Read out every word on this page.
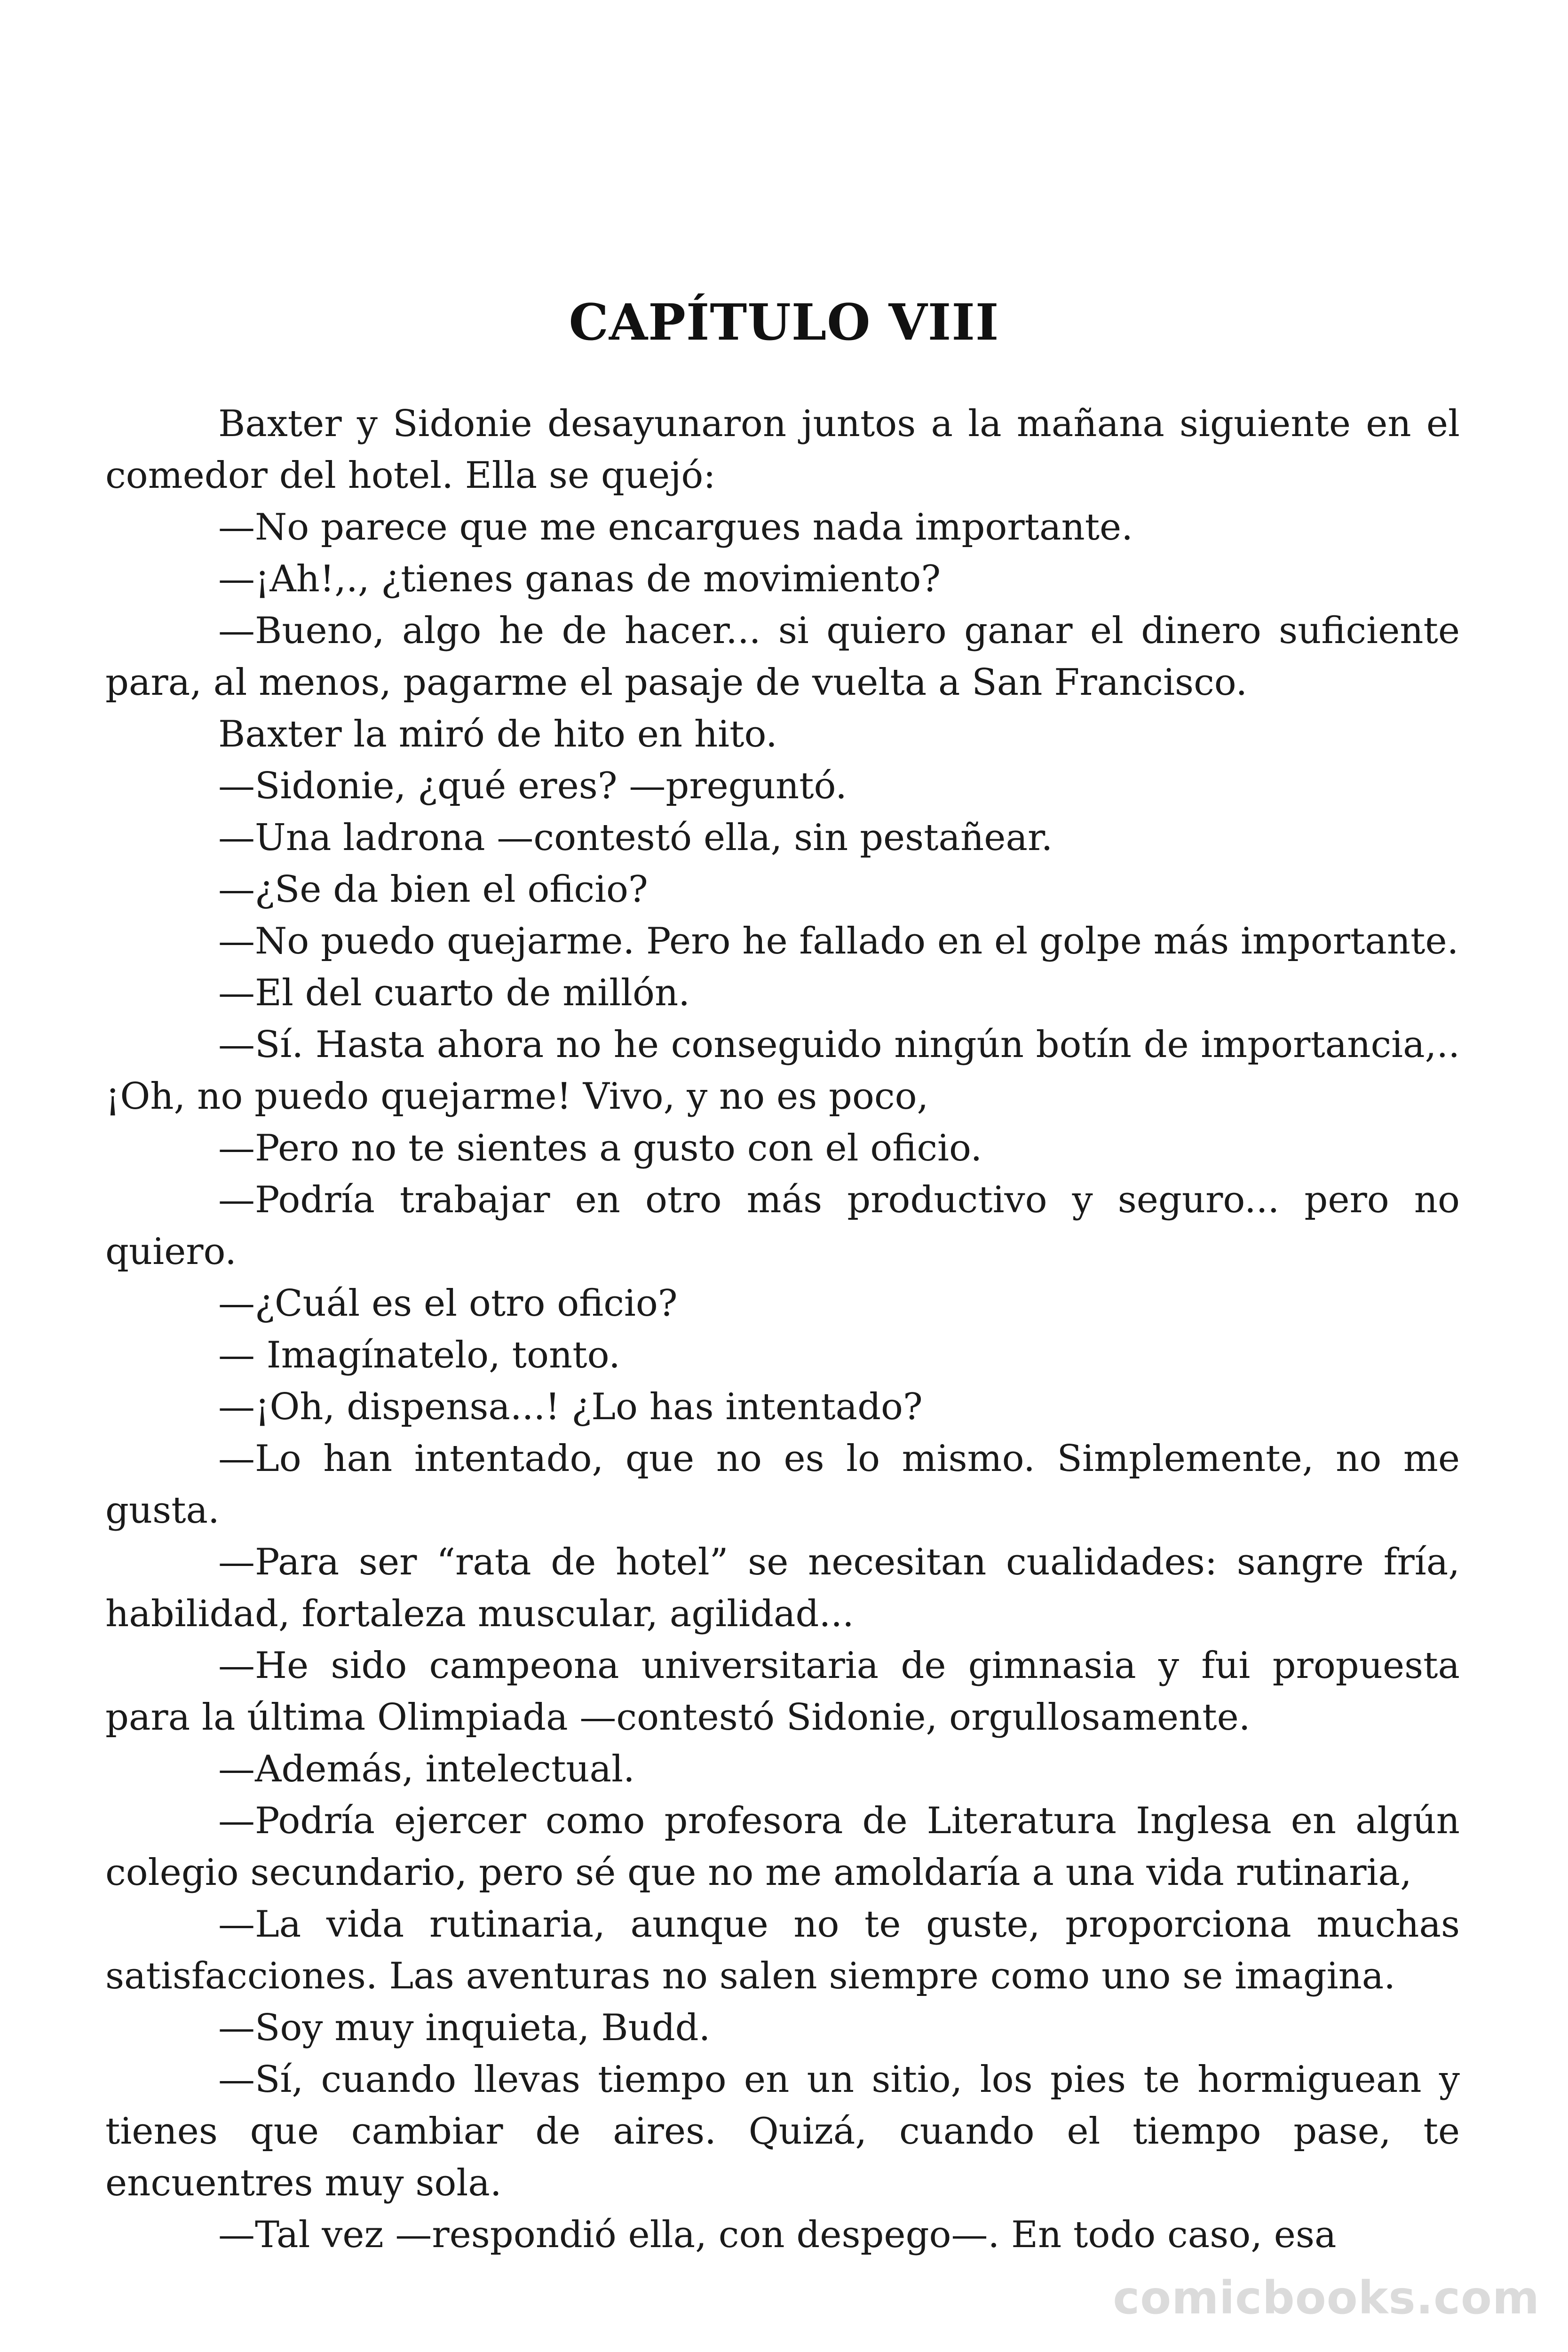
CAPÍTULO VIII

Baxter y Sidonie desayunaron juntos a la mañana siguiente en el comedor del hotel. Ella se quejó:

—No parece que me encargues nada importante.

—¡Ah!,., ¿tienes ganas de movimiento?

—Bueno, algo he de hacer... si quiero ganar el dinero suficiente para, al menos, pagarme el pasaje de vuelta a San Francisco.

Baxter la miró de hito en hito.

—Sidonie, ¿qué eres? —preguntó.

—Una ladrona —contestó ella, sin pestañear.

—¿Se da bien el oficio?

—No puedo quejarme. Pero he fallado en el golpe más importante.

—El del cuarto de millón.

—Sí. Hasta ahora no he conseguido ningún botín de importancia,.. ¡Oh, no puedo quejarme! Vivo, y no es poco,

—Pero no te sientes a gusto con el oficio.

—Podría trabajar en otro más productivo y seguro... pero no quiero.

—¿Cuál es el otro oficio?

— Imagínatelo, tonto.

—¡Oh, dispensa...! ¿Lo has intentado?

—Lo han intentado, que no es lo mismo. Simplemente, no me gusta.

—Para ser “rata de hotel” se necesitan cualidades: sangre fría, habilidad, fortaleza muscular, agilidad...

—He sido campeona universitaria de gimnasia y fui propuesta para la última Olimpiada —contestó Sidonie, orgullosamente.

—Además, intelectual.

—Podría ejercer como profesora de Literatura Inglesa en algún colegio secundario, pero sé que no me amoldaría a una vida rutinaria,

—La vida rutinaria, aunque no te guste, proporciona muchas satisfacciones. Las aventuras no salen siempre como uno se imagina.

—Soy muy inquieta, Budd.

—Sí, cuando llevas tiempo en un sitio, los pies te hormiguean y tienes que cambiar de aires. Quizá, cuando el tiempo pase, te encuentres muy sola.

—Tal vez —respondió ella, con despego—. En todo caso, esa

comicbooks.com
